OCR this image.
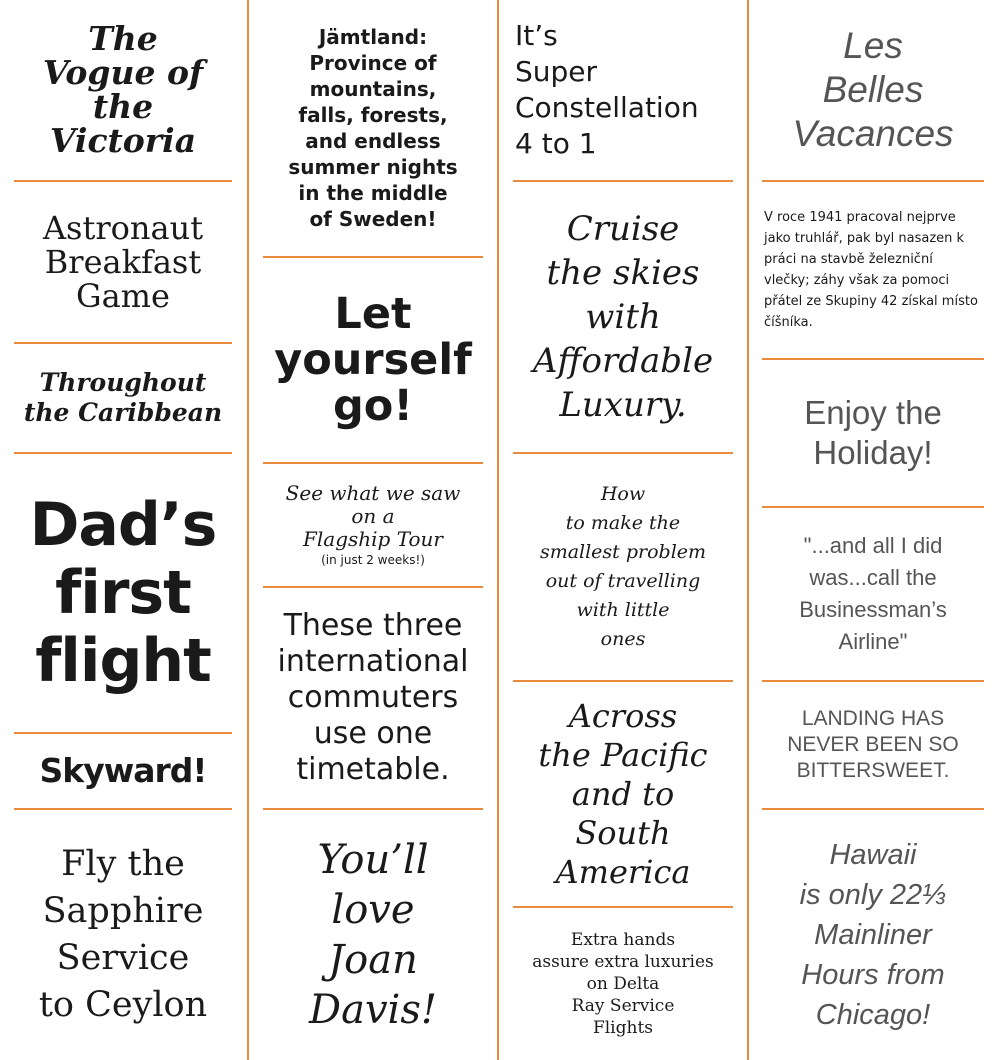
The
Vogue of
the
Victoria
Astronaut
Breakfast
Game
Throughout
the Caribbean
Dad’s
first
flight
Skyward!
Fly the
Sapphire
Service
to Ceylon
Jämtland:
Province of
mountains,
falls, forests,
and endless
summer nights
in the middle
of Sweden!
Let
yourself
go!
See what we saw
on a
Flagship Tour
(in just 2 weeks!)
These three
international
commuters
use one
timetable.
You’ll
love
Joan
Davis!
It’s
Super
Constellation
4 to 1
Cruise
the skies
with
Affordable
Luxury.
How
to make the
smallest problem
out of travelling
with little
ones
Across
the Pacific
and to
South
America
Extra hands
assure extra luxuries
on Delta
Ray Service
Flights
Les
Belles
Vacances
V roce 1941 pracoval nejprve jako truhlář, pak byl nasazen k práci na stavbě železniční vlečky; záhy však za pomoci přátel ze Skupiny 42 získal místo číšníka.
Enjoy the
Holiday!
"...and all I did
was...call the
Businessman’s
Airline"
LANDING HAS
NEVER BEEN SO
BITTERSWEET.
Hawaii
is only 22⅓
Mainliner
Hours from
Chicago!
